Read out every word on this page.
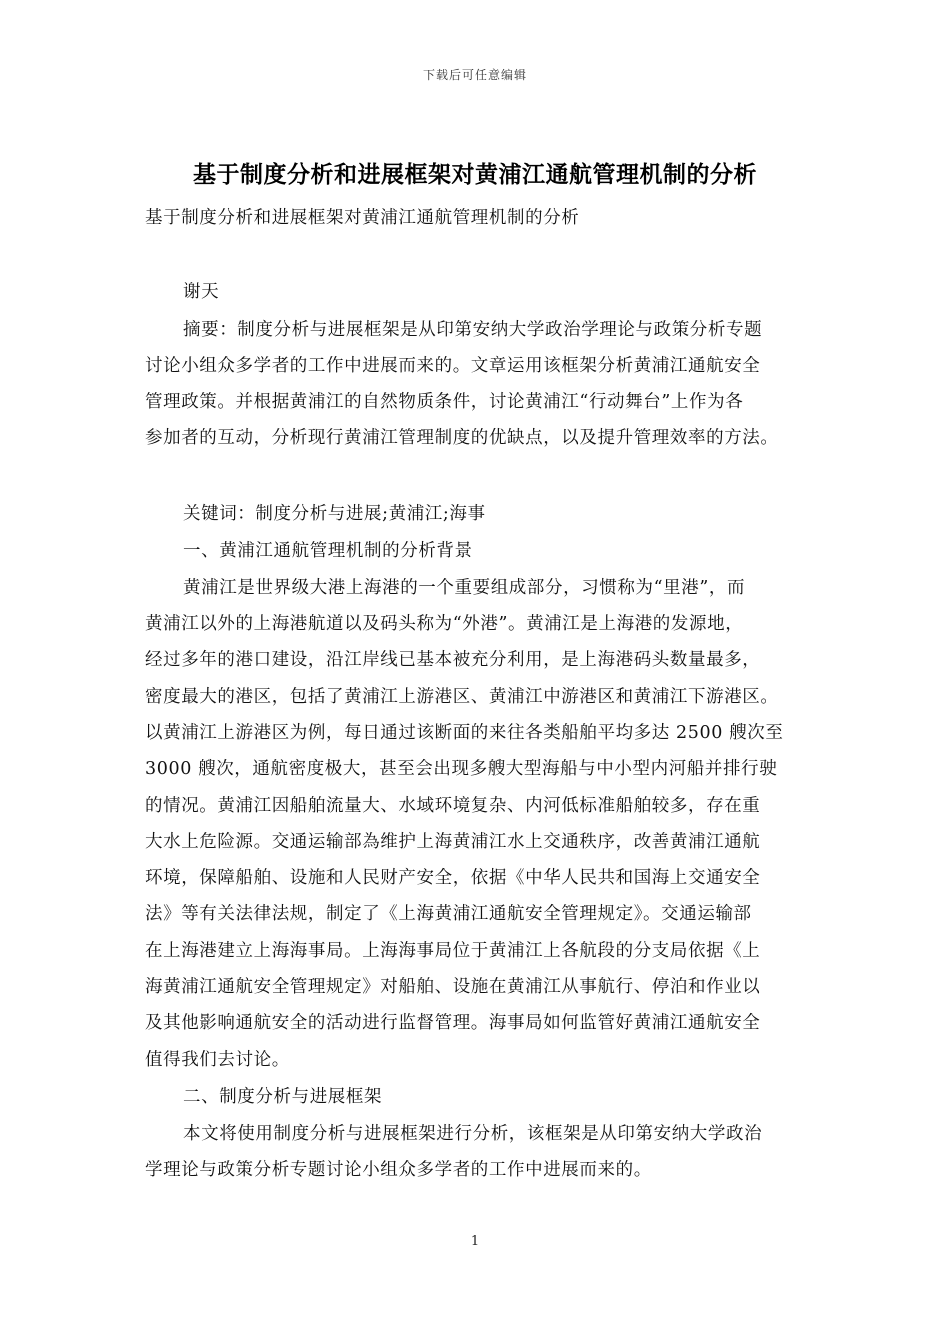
下载后可任意编辑
基于制度分析和进展框架对黄浦江通航管理机制的分析
基于制度分析和进展框架对黄浦江通航管理机制的分析
谢天
摘要：制度分析与进展框架是从印第安纳大学政治学理论与政策分析专题
讨论小组众多学者的工作中进展而来的。文章运用该框架分析黄浦江通航安全
管理政策。并根据黄浦江的自然物质条件，讨论黄浦江“行动舞台”上作为各
参加者的互动，分析现行黄浦江管理制度的优缺点，以及提升管理效率的方法。
关键词：制度分析与进展;黄浦江;海事
一、黄浦江通航管理机制的分析背景
黄浦江是世界级大港上海港的一个重要组成部分，习惯称为“里港”，而
黄浦江以外的上海港航道以及码头称为“外港”。黄浦江是上海港的发源地，
经过多年的港口建设，沿江岸线已基本被充分利用，是上海港码头数量最多，
密度最大的港区，包括了黄浦江上游港区、黄浦江中游港区和黄浦江下游港区。
以黄浦江上游港区为例，每日通过该断面的来往各类船舶平均多达 2500 艘次至
3000 艘次，通航密度极大，甚至会出现多艘大型海船与中小型内河船并排行驶
的情况。黄浦江因船舶流量大、水域环境复杂、内河低标准船舶较多，存在重
大水上危险源。交通运输部為维护上海黄浦江水上交通秩序，改善黄浦江通航
环境，保障船舶、设施和人民财产安全，依据《中华人民共和国海上交通安全
法》等有关法律法规，制定了《上海黄浦江通航安全管理规定》。交通运输部
在上海港建立上海海事局。上海海事局位于黄浦江上各航段的分支局依据《上
海黄浦江通航安全管理规定》对船舶、设施在黄浦江从事航行、停泊和作业以
及其他影响通航安全的活动进行监督管理。海事局如何监管好黄浦江通航安全
值得我们去讨论。
二、制度分析与进展框架
本文将使用制度分析与进展框架进行分析，该框架是从印第安纳大学政治
学理论与政策分析专题讨论小组众多学者的工作中进展而来的。
1
